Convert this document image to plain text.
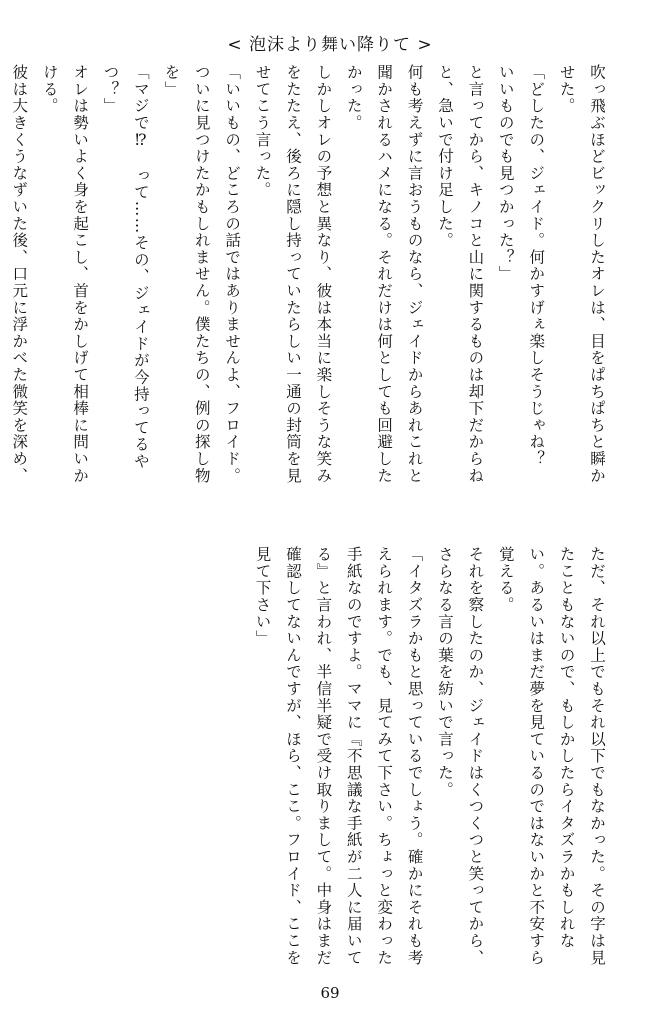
< 泡沫より舞い降りて >

吹っ飛ぶほどビックリしたオレは、目をぱちぱちと瞬かせた。

「どしたの、ジェイド。何かすげぇ楽しそうじゃね？　いいものでも見つかった？」

と言ってから、キノコと山に関するものは却下だからねと、急いで付け足した。

何も考えずに言おうものなら、ジェイドからあれこれと聞かされるハメになる。それだけは何としても回避したかった。

しかしオレの予想と異なり、彼は本当に楽しそうな笑みをたたえ、後ろに隠し持っていたらしい一通の封筒を見せてこう言った。

「いいもの、どころの話ではありませんよ、フロイド。ついに見つけたかもしれません。僕たちの、例の探し物を」

「マジで⁉　って……その、ジェイドが今持ってるやつ？」

オレは勢いよく身を起こし、首をかしげて相棒に問いかける。

彼は大きくうなずいた後、口元に浮かべた微笑を深め、

ただ、それ以上でもそれ以下でもなかった。その字は見たこともないので、もしかしたらイタズラかもしれない。あるいはまだ夢を見ているのではないかと不安すら覚える。

それを察したのか、ジェイドはくつくつと笑ってから、さらなる言の葉を紡いで言った。

「イタズラかもと思っているでしょう。確かにそれも考えられます。でも、見てみて下さい。ちょっと変わった手紙なのですよ。ママに『不思議な手紙が二人に届いてる』と言われ、半信半疑で受け取りまして。中身はまだ確認してないんですが、ほら、ここ。フロイド、ここを見て下さい」

69
